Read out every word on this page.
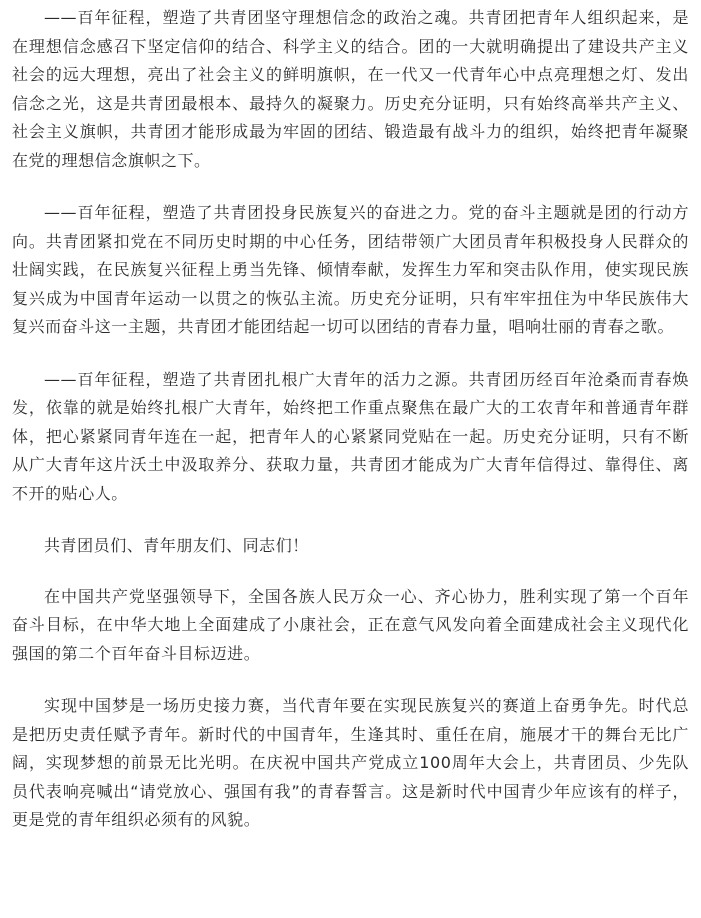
——百年征程，塑造了共青团坚守理想信念的政治之魂。共青团把青年人组织起来，是在理想信念感召下坚定信仰的结合、科学主义的结合。团的一大就明确提出了建设共产主义社会的远大理想，亮出了社会主义的鲜明旗帜，在一代又一代青年心中点亮理想之灯、发出信念之光，这是共青团最根本、最持久的凝聚力。历史充分证明，只有始终高举共产主义、社会主义旗帜，共青团才能形成最为牢固的团结、锻造最有战斗力的组织，始终把青年凝聚在党的理想信念旗帜之下。

——百年征程，塑造了共青团投身民族复兴的奋进之力。党的奋斗主题就是团的行动方向。共青团紧扣党在不同历史时期的中心任务，团结带领广大团员青年积极投身人民群众的壮阔实践，在民族复兴征程上勇当先锋、倾情奉献，发挥生力军和突击队作用，使实现民族复兴成为中国青年运动一以贯之的恢弘主流。历史充分证明，只有牢牢扭住为中华民族伟大复兴而奋斗这一主题，共青团才能团结起一切可以团结的青春力量，唱响壮丽的青春之歌。

——百年征程，塑造了共青团扎根广大青年的活力之源。共青团历经百年沧桑而青春焕发，依靠的就是始终扎根广大青年，始终把工作重点聚焦在最广大的工农青年和普通青年群体，把心紧紧同青年连在一起，把青年人的心紧紧同党贴在一起。历史充分证明，只有不断从广大青年这片沃土中汲取养分、获取力量，共青团才能成为广大青年信得过、靠得住、离不开的贴心人。

共青团员们、青年朋友们、同志们！

在中国共产党坚强领导下，全国各族人民万众一心、齐心协力，胜利实现了第一个百年奋斗目标，在中华大地上全面建成了小康社会，正在意气风发向着全面建成社会主义现代化强国的第二个百年奋斗目标迈进。

实现中国梦是一场历史接力赛，当代青年要在实现民族复兴的赛道上奋勇争先。时代总是把历史责任赋予青年。新时代的中国青年，生逢其时、重任在肩，施展才干的舞台无比广阔，实现梦想的前景无比光明。在庆祝中国共产党成立100周年大会上，共青团员、少先队员代表响亮喊出“请党放心、强国有我”的青春誓言。这是新时代中国青少年应该有的样子，更是党的青年组织必须有的风貌。
